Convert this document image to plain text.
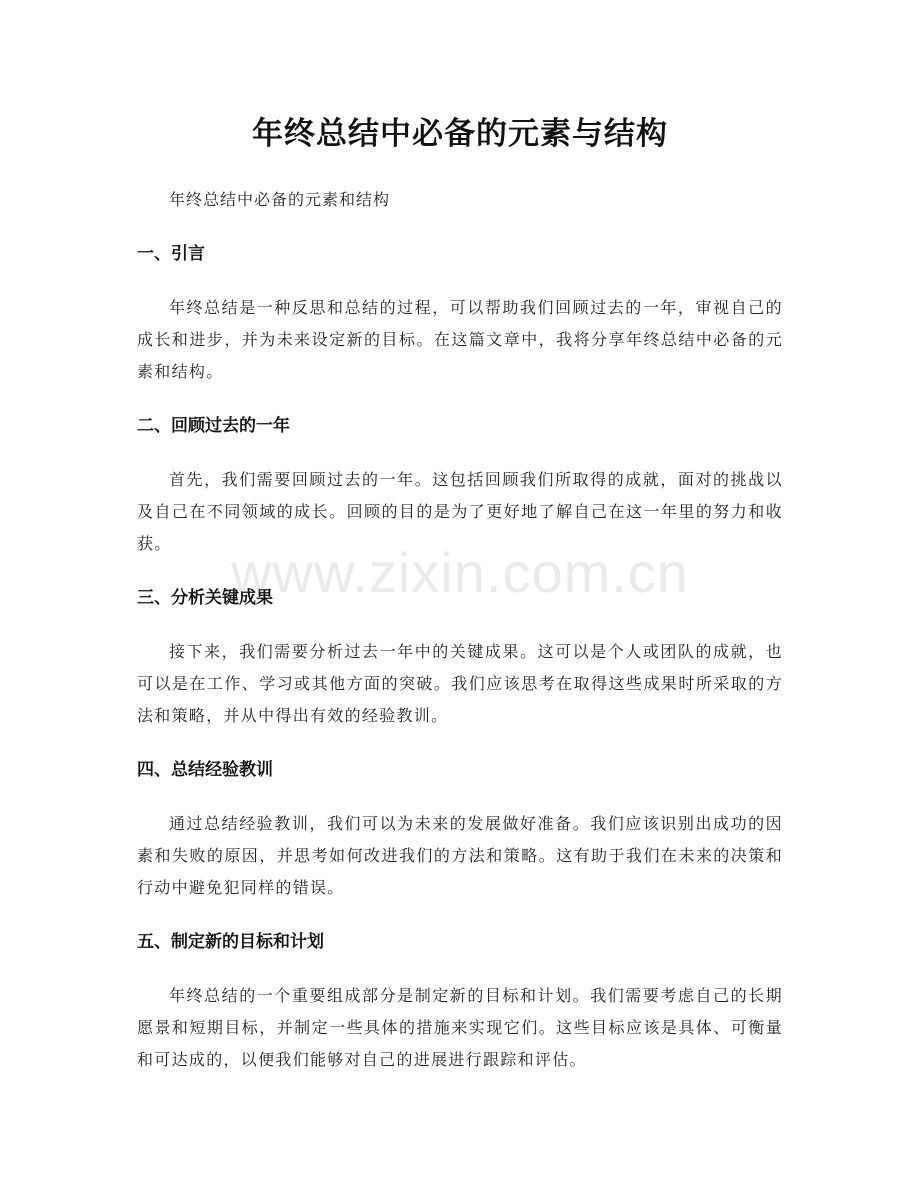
年终总结中必备的元素与结构

年终总结中必备的元素和结构

一、引言

年终总结是一种反思和总结的过程，可以帮助我们回顾过去的一年，审视自己的成长和进步，并为未来设定新的目标。在这篇文章中，我将分享年终总结中必备的元素和结构。

二、回顾过去的一年

首先，我们需要回顾过去的一年。这包括回顾我们所取得的成就，面对的挑战以及自己在不同领域的成长。回顾的目的是为了更好地了解自己在这一年里的努力和收获。

三、分析关键成果

接下来，我们需要分析过去一年中的关键成果。这可以是个人或团队的成就，也可以是在工作、学习或其他方面的突破。我们应该思考在取得这些成果时所采取的方法和策略，并从中得出有效的经验教训。

四、总结经验教训

通过总结经验教训，我们可以为未来的发展做好准备。我们应该识别出成功的因素和失败的原因，并思考如何改进我们的方法和策略。这有助于我们在未来的决策和行动中避免犯同样的错误。

五、制定新的目标和计划

年终总结的一个重要组成部分是制定新的目标和计划。我们需要考虑自己的长期愿景和短期目标，并制定一些具体的措施来实现它们。这些目标应该是具体、可衡量和可达成的，以便我们能够对自己的进展进行跟踪和评估。

www.zixin.com.cn
